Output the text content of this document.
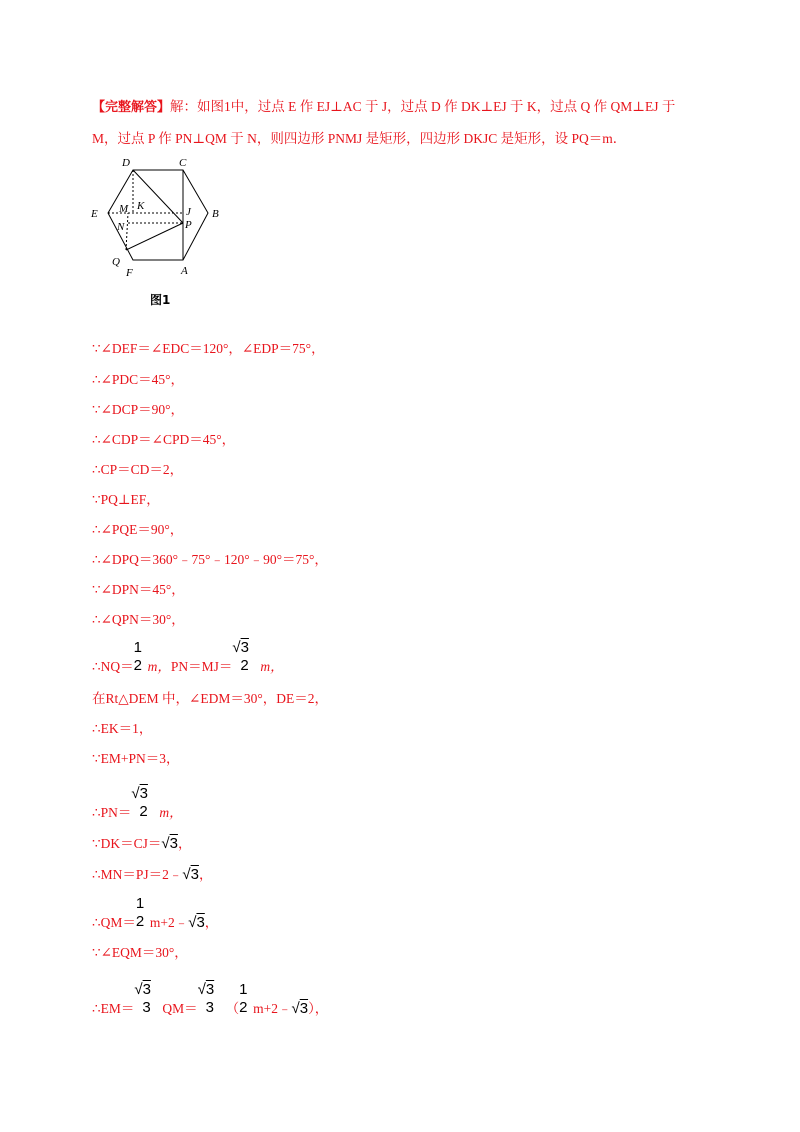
【完整解答】解：如图1中，过点 E 作 EJ⊥AC 于 J，过点 D 作 DK⊥EJ 于 K，过点 Q 作 QM⊥EJ 于
M，过点 P 作 PN⊥QM 于 N，则四边形 PNMJ 是矩形，四边形 DKJC 是矩形，设 PQ＝m．
D	C
E M K	J B
N	P
Q
F	A
图1
∵∠DEF＝∠EDC＝120°，∠EDP＝75°，
∴∠PDC＝45°，
∵∠DCP＝90°，
∴∠CDP＝∠CPD＝45°，
∴CP＝CD＝2，
∵PQ⊥EF，
∴∠PQE＝90°，
∴∠DPQ＝360°﹣75°﹣120°﹣90°＝75°，
∵∠DPN＝45°，
∴∠QPN＝30°，
∴NQ＝
1
2 m，PN＝MJ＝
√3
2 m，
在Rt△DEM 中，∠EDM＝30°，DE＝2，
∴EK＝1，
∵EM+PN＝3，
∴PN＝
√3
2 m，
∵DK＝CJ＝√3，
∴MN＝PJ＝2﹣√3，
∴QM＝
1
2 m+2﹣√3，
∵∠EQM＝30°，
∴EM＝
√3
3 QM＝
√3
3 （
1
2 m+2﹣√3），
